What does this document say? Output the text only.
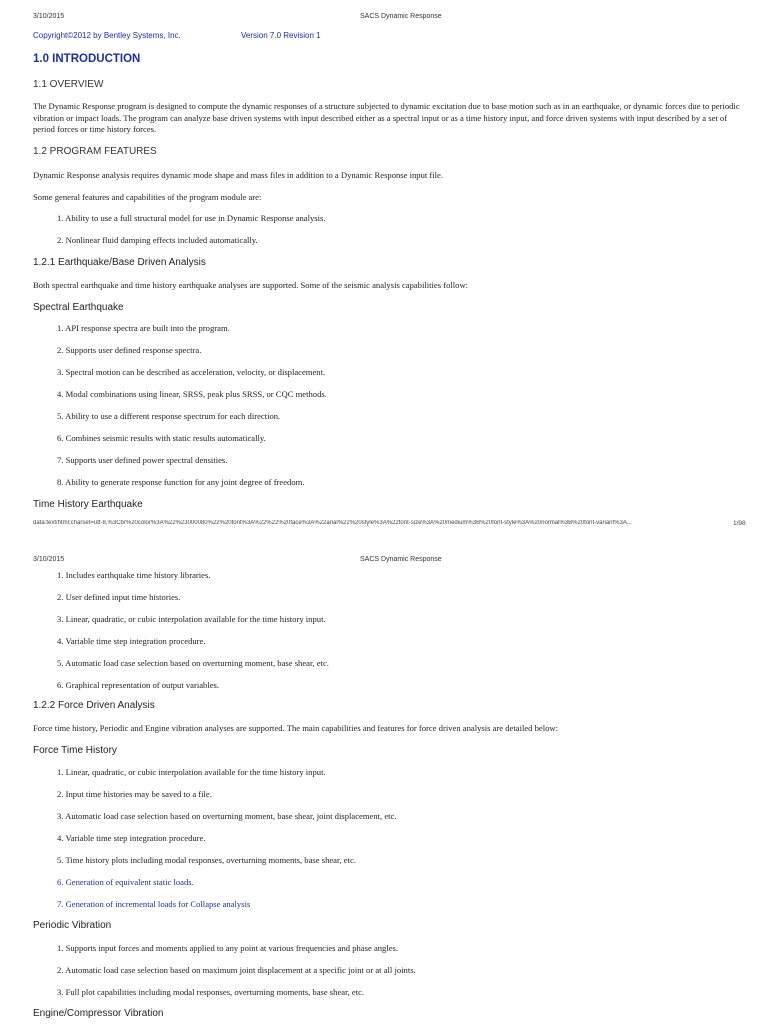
3/10/2015	SACS Dynamic Response
Copyright©2012 by Bentley Systems, Inc.	Version 7.0 Revision 1
1.0 INTRODUCTION
1.1 OVERVIEW
The Dynamic Response program is designed to compute the dynamic responses of a structure subjected to dynamic excitation due to base motion such as in an earthquake, or dynamic forces due to periodic vibration or impact loads. The program can analyze base driven systems with input described either as a spectral input or as a time history input, and force driven systems with input described by a set of period forces or time history forces.
1.2 PROGRAM FEATURES
Dynamic Response analysis requires dynamic mode shape and mass files in addition to a Dynamic Response input file.
Some general features and capabilities of the program module are:
1. Ability to use a full structural model for use in Dynamic Response analysis.
2. Nonlinear fluid damping effects included automatically.
1.2.1 Earthquake/Base Driven Analysis
Both spectral earthquake and time history earthquake analyses are supported. Some of the seismic analysis capabilities follow:
Spectral Earthquake
1. API response spectra are built into the program.
2. Supports user defined response spectra.
3. Spectral motion can be described as acceleration, velocity, or displacement.
4. Modal combinations using linear, SRSS, peak plus SRSS, or CQC methods.
5. Ability to use a different response spectrum for each direction.
6. Combines seismic results with static results automatically.
7. Supports user defined power spectral densities.
8. Ability to generate response function for any joint degree of freedom.
Time History Earthquake
data:text/html;charset=utf-8,%3Cbr%20color%3A%22%23000080%22%20font%3A%22%22%20face%3A%22arial%22%20style%3A%22font-size%3A%20medium%3B%20font-style%3A%20normal%3B%20font-variant%3A...	1/98
3/10/2015	SACS Dynamic Response
1. Includes earthquake time history libraries.
2. User defined input time histories.
3. Linear, quadratic, or cubic interpolation available for the time history input.
4. Variable time step integration procedure.
5. Automatic load case selection based on overturning moment, base shear, etc.
6. Graphical representation of output variables.
1.2.2 Force Driven Analysis
Force time history, Periodic and Engine vibration analyses are supported. The main capabilities and features for force driven analysis are detailed below:
Force Time History
1. Linear, quadratic, or cubic interpolation available for the time history input.
2. Input time histories may be saved to a file.
3. Automatic load case selection based on overturning moment, base shear, joint displacement, etc.
4. Variable time step integration procedure.
5. Time history plots including modal responses, overturning moments, base shear, etc.
6. Generation of equivalent static loads.
7. Generation of incremental loads for Collapse analysis
Periodic Vibration
1. Supports input forces and moments applied to any point at various frequencies and phase angles.
2. Automatic load case selection based on maximum joint displacement at a specific joint or at all joints.
3. Full plot capabilities including modal responses, overturning moments, base shear, etc.
Engine/Compressor Vibration
